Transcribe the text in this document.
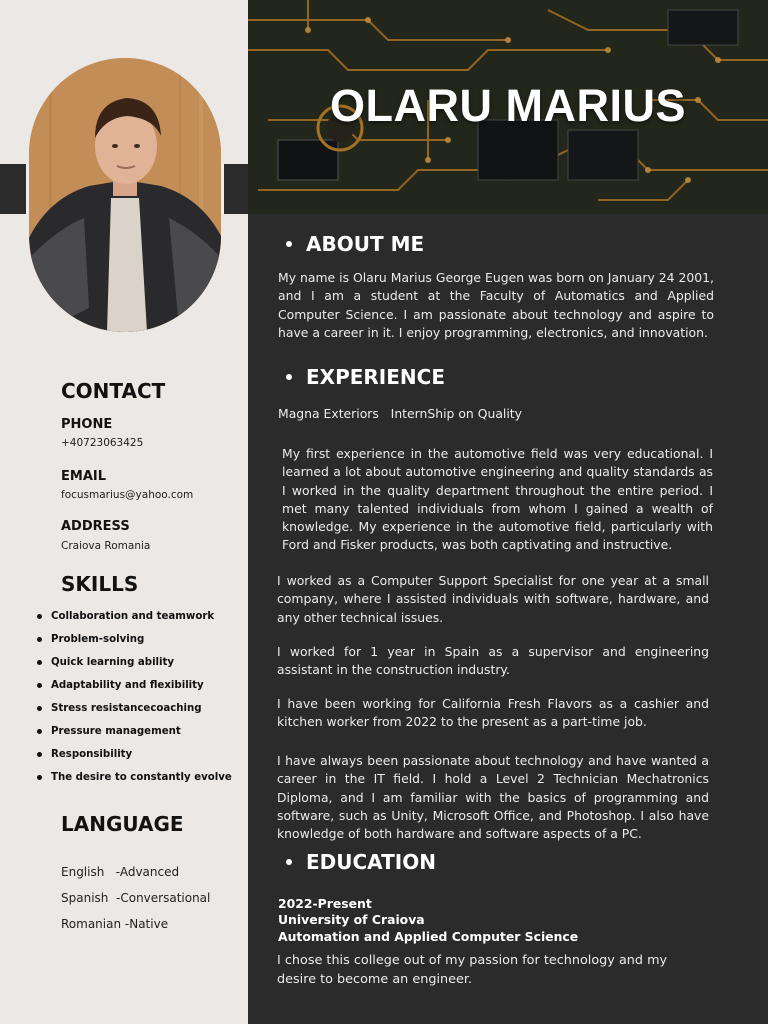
CONTACT
PHONE
+40723063425
EMAIL
focusmarius@yahoo.com
ADDRESS
Craiova Romania
SKILLS
Collaboration and teamwork
Problem-solving
Quick learning ability
Adaptability and flexibility
Stress resistancecoaching
Pressure management
Responsibility
The desire to constantly evolve
LANGUAGE
English   -Advanced
Spanish  -Conversational
Romanian -Native
OLARU MARIUS
ABOUT ME

My name is Olaru Marius George Eugen was born on January 24 2001, and I am a student at the Faculty of Automatics and Applied Computer Science. I am passionate about technology and aspire to have a career in it. I enjoy programming, electronics, and innovation.

EXPERIENCE
Magna Exteriors   InternShip on Quality

My first experience in the automotive field was very educational. I learned a lot about automotive engineering and quality standards as I worked in the quality department throughout the entire period. I met many talented individuals from whom I gained a wealth of knowledge. My experience in the automotive field, particularly with Ford and Fisker products, was both captivating and instructive.

I worked as a Computer Support Specialist for one year at a small company, where I assisted individuals with software, hardware, and any other technical issues.

I worked for 1 year in Spain as a supervisor and engineering assistant in the construction industry.

I have been working for California Fresh Flavors as a cashier and kitchen worker from 2022 to the present as a part-time job.

I have always been passionate about technology and have wanted a career in the IT field. I hold a Level 2 Technician Mechatronics Diploma, and I am familiar with the basics of programming and software, such as Unity, Microsoft Office, and Photoshop. I also have knowledge of both hardware and software aspects of a PC.

EDUCATION
2022-Present
University of Craiova
Automation and Applied Computer Science

I chose this college out of my passion for technology and my desire to become an engineer.
